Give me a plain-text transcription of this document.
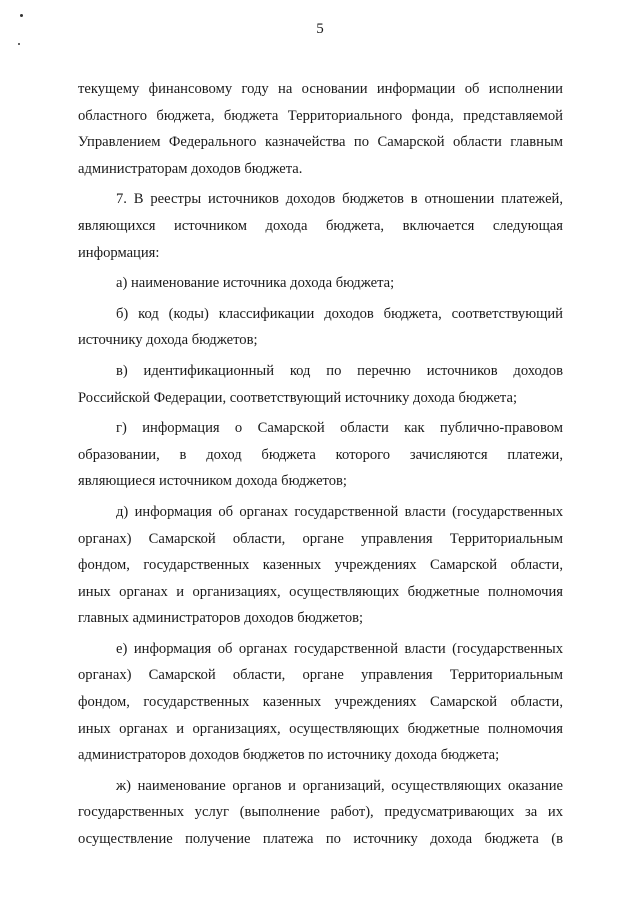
5
текущему финансовому году на основании информации об исполнении
областного бюджета, бюджета Территориального фонда, представляемой
Управлением Федерального казначейства по Самарской области главным
администраторам доходов бюджета.
7. В реестры источников доходов бюджетов в отношении платежей,
являющихся источником дохода бюджета, включается следующая
информация:
а) наименование источника дохода бюджета;
б) код (коды) классификации доходов бюджета, соответствующий
источнику дохода бюджетов;
в) идентификационный код по перечню источников доходов
Российской Федерации, соответствующий источнику дохода бюджета;
г) информация о Самарской области как публично-правовом
образовании, в доход бюджета которого зачисляются платежи,
являющиеся источником дохода бюджетов;
д) информация об органах государственной власти (государственных
органах) Самарской области, органе управления Территориальным
фондом, государственных казенных учреждениях Самарской области,
иных органах и организациях, осуществляющих бюджетные полномочия
главных администраторов доходов бюджетов;
е) информация об органах государственной власти (государственных
органах) Самарской области, органе управления Территориальным
фондом, государственных казенных учреждениях Самарской области,
иных органах и организациях, осуществляющих бюджетные полномочия
администраторов доходов бюджетов по источнику дохода бюджета;
ж) наименование органов и организаций, осуществляющих оказание
государственных услуг (выполнение работ), предусматривающих за их
осуществление получение платежа по источнику дохода бюджета (в
